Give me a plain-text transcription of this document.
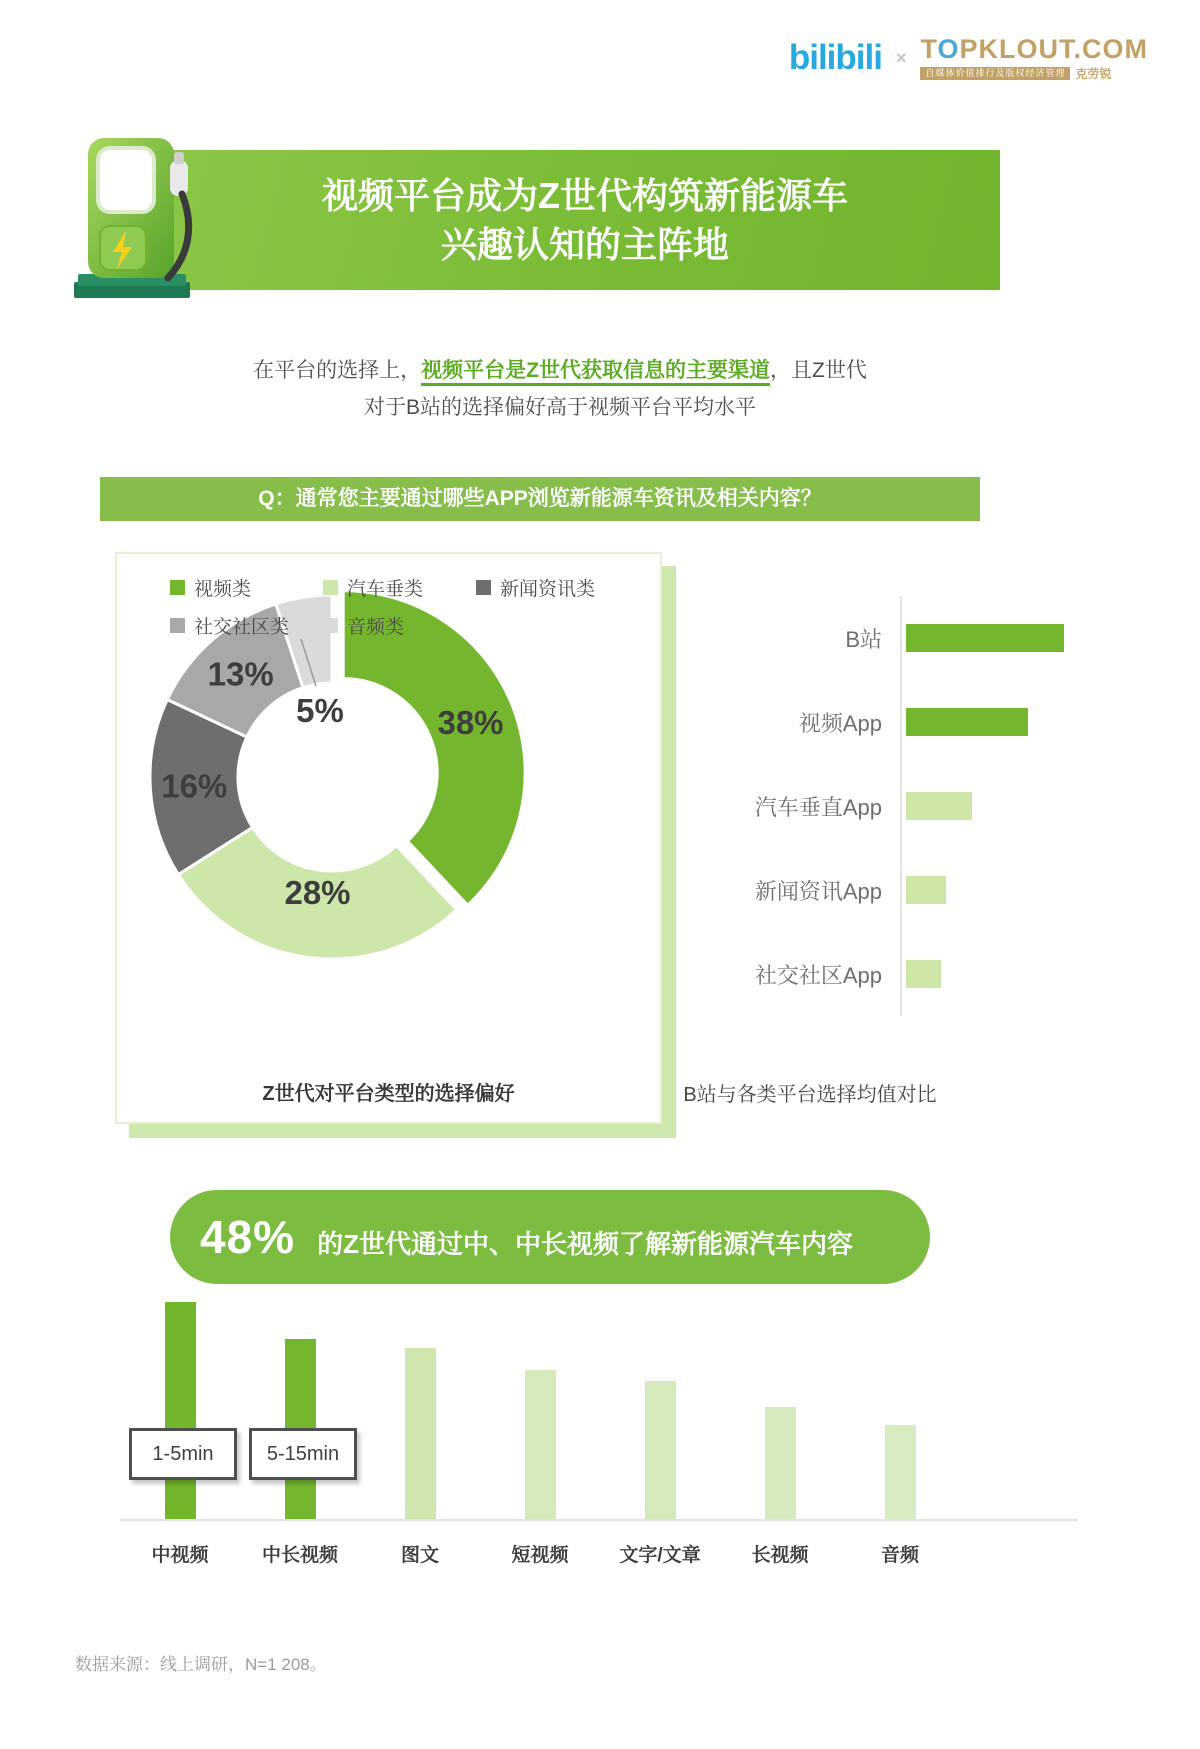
bilibili × TOPKLOUT.COM
自媒体价值排行及版权经济管理 克劳锐
视频平台成为Z世代构筑新能源车
兴趣认知的主阵地
在平台的选择上，视频平台是Z世代获取信息的主要渠道，且Z世代
对于B站的选择偏好高于视频平台平均水平
Q：通常您主要通过哪些APP浏览新能源车资讯及相关内容？
视频类	汽车垂类	新闻资讯类
社交社区类	音频类
38%
28%
16%
13%
5%
Z世代对平台类型的选择偏好
B站
视频App
汽车垂直App
新闻资讯App
社交社区App
B站与各类平台选择均值对比
48% 的Z世代通过中、中长视频了解新能源汽车内容
1-5min	5-15min
中视频	中长视频	图文	短视频	文字/文章	长视频	音频
数据来源：线上调研，N=1 208。
